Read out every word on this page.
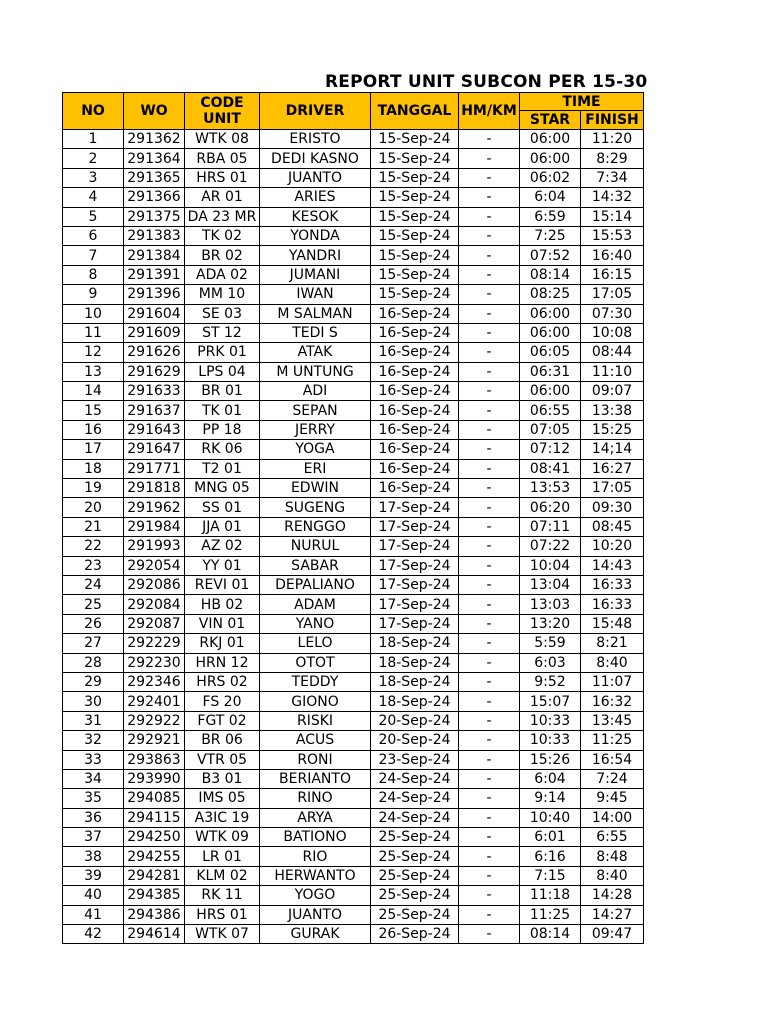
REPORT UNIT SUBCON PER 15-30
NO	WO	CODE UNIT	DRIVER	TANGGAL	HM/KM	TIME	
						STAR	FINISH
1	291362	WTK 08	ERISTO	15-Sep-24	-	06:00	11:20
2	291364	RBA 05	DEDI KASNO	15-Sep-24	-	06:00	8:29
3	291365	HRS 01	JUANTO	15-Sep-24	-	06:02	7:34
4	291366	AR 01	ARIES	15-Sep-24	-	6:04	14:32
5	291375	DA 23 MR	KESOK	15-Sep-24	-	6:59	15:14
6	291383	TK 02	YONDA	15-Sep-24	-	7:25	15:53
7	291384	BR 02	YANDRI	15-Sep-24	-	07:52	16:40
8	291391	ADA 02	JUMANI	15-Sep-24	-	08:14	16:15
9	291396	MM 10	IWAN	15-Sep-24	-	08:25	17:05
10	291604	SE 03	M SALMAN	16-Sep-24	-	06:00	07:30
11	291609	ST 12	TEDI S	16-Sep-24	-	06:00	10:08
12	291626	PRK 01	ATAK	16-Sep-24	-	06:05	08:44
13	291629	LPS 04	M UNTUNG	16-Sep-24	-	06:31	11:10
14	291633	BR 01	ADI	16-Sep-24	-	06:00	09:07
15	291637	TK 01	SEPAN	16-Sep-24	-	06:55	13:38
16	291643	PP 18	JERRY	16-Sep-24	-	07:05	15:25
17	291647	RK 06	YOGA	16-Sep-24	-	07:12	14;14
18	291771	T2 01	ERI	16-Sep-24	-	08:41	16:27
19	291818	MNG 05	EDWIN	16-Sep-24	-	13:53	17:05
20	291962	SS 01	SUGENG	17-Sep-24	-	06:20	09:30
21	291984	JJA 01	RENGGO	17-Sep-24	-	07:11	08:45
22	291993	AZ 02	NURUL	17-Sep-24	-	07:22	10:20
23	292054	YY 01	SABAR	17-Sep-24	-	10:04	14:43
24	292086	REVI 01	DEPALIANO	17-Sep-24	-	13:04	16:33
25	292084	HB 02	ADAM	17-Sep-24	-	13:03	16:33
26	292087	VIN 01	YANO	17-Sep-24	-	13:20	15:48
27	292229	RKJ 01	LELO	18-Sep-24	-	5:59	8:21
28	292230	HRN 12	OTOT	18-Sep-24	-	6:03	8:40
29	292346	HRS 02	TEDDY	18-Sep-24	-	9:52	11:07
30	292401	FS 20	GIONO	18-Sep-24	-	15:07	16:32
31	292922	FGT 02	RISKI	20-Sep-24	-	10:33	13:45
32	292921	BR 06	ACUS	20-Sep-24	-	10:33	11:25
33	293863	VTR 05	RONI	23-Sep-24	-	15:26	16:54
34	293990	B3 01	BERIANTO	24-Sep-24	-	6:04	7:24
35	294085	IMS 05	RINO	24-Sep-24	-	9:14	9:45
36	294115	A3IC 19	ARYA	24-Sep-24	-	10:40	14:00
37	294250	WTK 09	BATIONO	25-Sep-24	-	6:01	6:55
38	294255	LR 01	RIO	25-Sep-24	-	6:16	8:48
39	294281	KLM 02	HERWANTO	25-Sep-24	-	7:15	8:40
40	294385	RK 11	YOGO	25-Sep-24	-	11:18	14:28
41	294386	HRS 01	JUANTO	25-Sep-24	-	11:25	14:27
42	294614	WTK 07	GURAK	26-Sep-24	-	08:14	09:47
